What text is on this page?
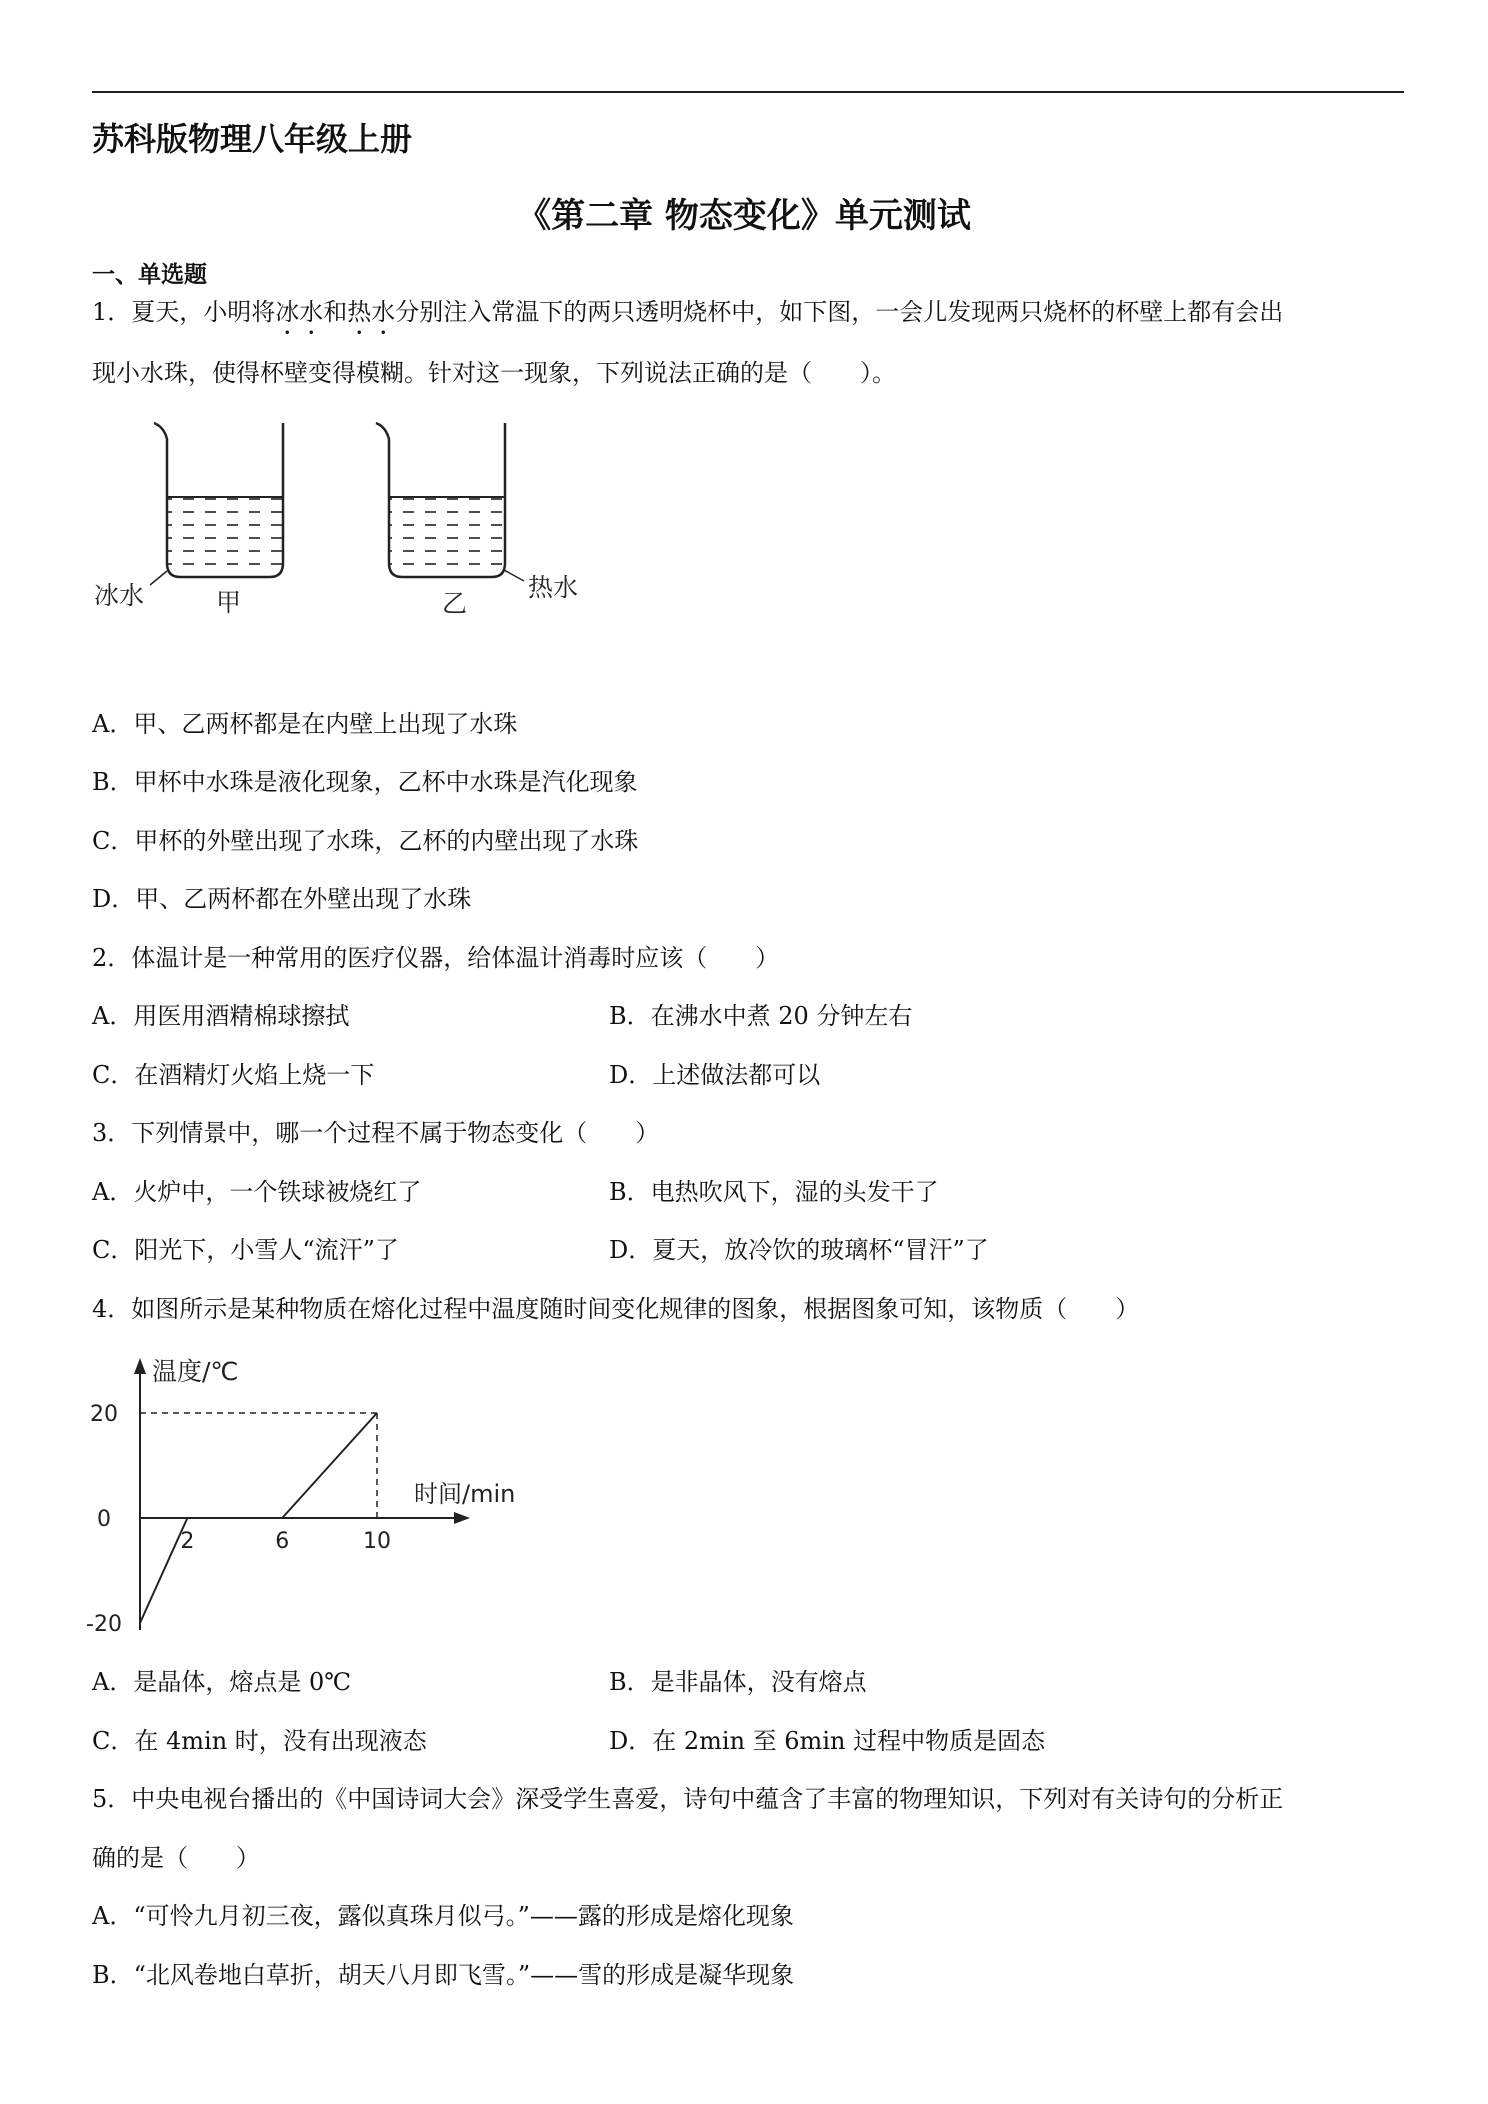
苏科版物理八年级上册
《第二章 物态变化》单元测试
一、单选题
1．夏天，小明将冰水和热水分别注入常温下的两只透明烧杯中，如下图，一会儿发现两只烧杯的杯壁上都有会出
现小水珠，使得杯壁变得模糊。针对这一现象，下列说法正确的是（　　）。
冰水	甲	乙
热水
A．甲、乙两杯都是在内壁上出现了水珠
B．甲杯中水珠是液化现象，乙杯中水珠是汽化现象
C．甲杯的外壁出现了水珠，乙杯的内壁出现了水珠
D．甲、乙两杯都在外壁出现了水珠
2．体温计是一种常用的医疗仪器，给体温计消毒时应该（　　）
A．用医用酒精棉球擦拭	B．在沸水中煮 20 分钟左右
C．在酒精灯火焰上烧一下	D．上述做法都可以
3．下列情景中，哪一个过程不属于物态变化（　　）
A．火炉中，一个铁球被烧红了	B．电热吹风下，湿的头发干了
C．阳光下，小雪人“流汗”了	D．夏天，放冷饮的玻璃杯“冒汗”了
4．如图所示是某种物质在熔化过程中温度随时间变化规律的图象，根据图象可知，该物质（　　）
温度/℃
时间/min
2	6	10
20
0
-20
A．是晶体，熔点是 0℃	B．是非晶体，没有熔点
C．在 4min 时，没有出现液态	D．在 2min 至 6min 过程中物质是固态
5．中央电视台播出的《中国诗词大会》深受学生喜爱，诗句中蕴含了丰富的物理知识，下列对有关诗句的分析正
确的是（　　）
A．“可怜九月初三夜，露似真珠月似弓。”——露的形成是熔化现象
B．“北风卷地白草折，胡天八月即飞雪。”——雪的形成是凝华现象
